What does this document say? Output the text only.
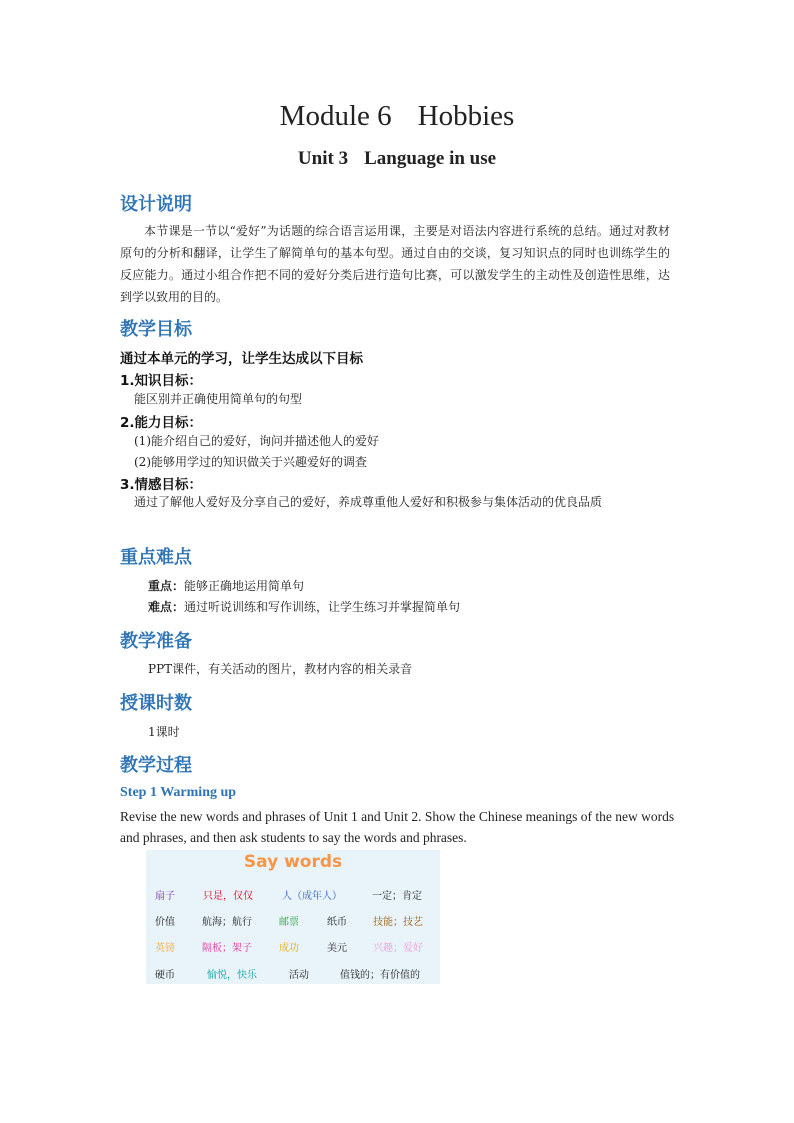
Module 6 Hobbies
Unit 3 Language in use
设计说明
本节课是一节以“爱好”为话题的综合语言运用课，主要是对语法内容进行系统的总结。通过对教材原句的分析和翻译，让学生了解简单句的基本句型。通过自由的交谈，复习知识点的同时也训练学生的反应能力。通过小组合作把不同的爱好分类后进行造句比赛，可以激发学生的主动性及创造性思维，达到学以致用的目的。
教学目标
通过本单元的学习，让学生达成以下目标
1.知识目标：
能区别并正确使用简单句的句型
2.能力目标：
(1)能介绍自己的爱好，询问并描述他人的爱好
(2)能够用学过的知识做关于兴趣爱好的调查
3.情感目标：
通过了解他人爱好及分享自己的爱好，养成尊重他人爱好和积极参与集体活动的优良品质
重点难点
重点：能够正确地运用简单句
难点：通过听说训练和写作训练，让学生练习并掌握简单句
教学准备
PPT课件，有关活动的图片，教材内容的相关录音
授课时数
1课时
教学过程
Step 1 Warming up
Revise the new words and phrases of Unit 1 and Unit 2. Show the Chinese meanings of the new words and phrases, and then ask students to say the words and phrases.
Say words
扇子	只是，仅仅	人（成年人）	一定；肯定
价值	航海；航行	邮票	纸币	技能；技艺
英镑	隔板；架子	成功	美元	兴趣；爱好
硬币	愉悦，快乐	活动	值钱的；有价值的
